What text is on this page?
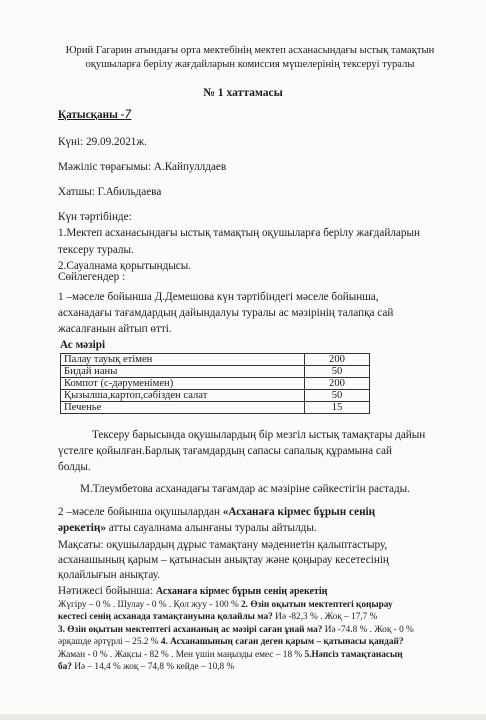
Юрий Гагарин атындағы орта мектебінің мектеп асханасындағы ыстық тамақтын
оқушыларға берілу жағдайларын комиссия мүшелерінің тексеруі туралы
№ 1 хаттамасы
Қатысқаны -7
Күні: 29.09.2021ж.
Мәжіліс төрағымы: А.Кайпуллдаев
Хатшы: Г.Абильдаева
Күн тәртібінде:
1.Мектеп асханасындағы ыстық тамақтың оқушыларға берілу жағдайларын
тексеру туралы.
2.Сауалнама қорытындысы.
Сөйлегендер :
1 –мәселе бойынша Д.Демешова күн тәртібіндегі мәселе бойынша,
асханадағы тағамдардың дайындалуы туралы ас мәзірінің талапқа сай
жасалғанын айтып өтті.
Ас мәзірі
Палау тауық етімен	200
Бидай наны	50
Компот (с-дәруменімен)	200
Қызылша,картоп,сәбізден салат	50
Печенье	15
Тексеру барысында оқушылардың бір мезгіл ыстық тамақтары дайын
үстелге қойылған.Барлық тағамдардың сапасы сапалық құрамына сай
болды.
М.Тлеумбетова асханадағы тағамдар ас мәзіріне сәйкестігін растады.
2 –мәселе бойынша оқушылардан «Асханаға кірмес бұрын сенің
әрекетің» атты сауалнама алынғаны туралы айтылды.
Мақсаты: оқушылардың дұрыс тамақтану мәдениетін қалыптастыру,
асханашының қарым – қатынасын анықтау және қоңырау кесетесінің
қолайлығын анықтау.
Нәтижесі бойынша: Асханаға кірмес бұрын сенің әрекетің
Жүгіру – 0 % . Шулау - 0 % . Қол жуу - 100 % 2. Өзін оқытын мектептегі қоңырау
кестесі сенің асханада тамақтануына қолайлы ма? Иә -82,3 % . Жоқ – 17,7 %
3. Өзін оқытын мектептегі асхананың ас мәзірі саған ұнай ма? Иә -74.8 % . Жоқ - 0 %
әрқашде әртүрлі – 25.2 % 4. Асханашының саған деген қарым – қатынасы қандай?
Жаман - 0 % . Жақсы - 82 % . Мен үшін маңызды емес – 18 % 5.Нәпсіз тамақтанасың
ба? Иә – 14,4 % жоқ – 74,8 % кейде – 10,8 %
